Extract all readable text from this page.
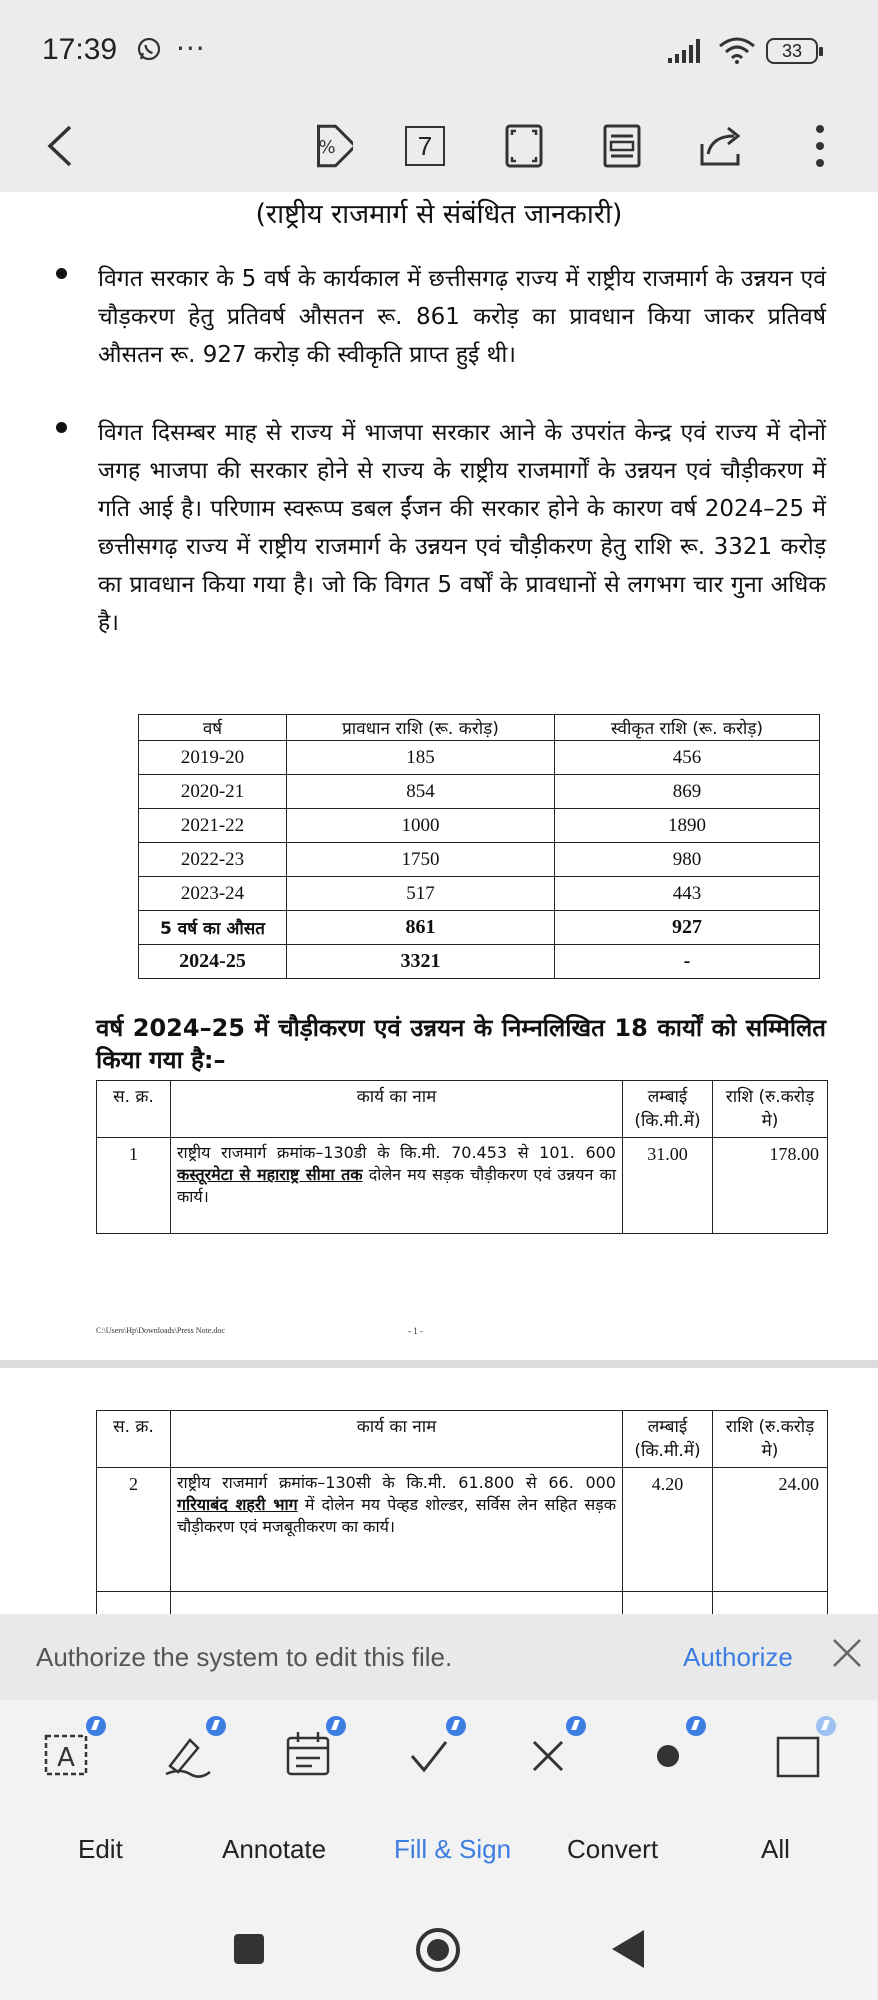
17:39 ···	33
%	7
(राष्ट्रीय राजमार्ग से संबंधित जानकारी)
विगत सरकार के 5 वर्ष के कार्यकाल में छत्तीसगढ़ राज्य में राष्ट्रीय राजमार्ग के उन्नयन एवं चौड़करण हेतु प्रतिवर्ष औसतन रू. 861 करोड़ का प्रावधान किया जाकर प्रतिवर्ष औसतन रू. 927 करोड़ की स्वीकृति प्राप्त हुई थी।
विगत दिसम्बर माह से राज्य में भाजपा सरकार आने के उपरांत केन्द्र एवं राज्य में दोनों जगह भाजपा की सरकार होने से राज्य के राष्ट्रीय राजमार्गों के उन्नयन एवं चौड़ीकरण में गति आई है। परिणाम स्वरूप्प डबल ईंजन की सरकार होने के कारण वर्ष 2024–25 में छत्तीसगढ़ राज्य में राष्ट्रीय राजमार्ग के उन्नयन एवं चौड़ीकरण हेतु राशि रू. 3321 करोड़ का प्रावधान किया गया है। जो कि विगत 5 वर्षों के प्रावधानों से लगभग चार गुना अधिक है।
वर्ष	प्रावधान राशि (रू. करोड़)	स्वीकृत राशि (रू. करोड़)
2019-20	185	456
2020-21	854	869
2021-22	1000	1890
2022-23	1750	980
2023-24	517	443
5 वर्ष का औसत	861	927
2024-25	3321	-
वर्ष 2024–25 में चौड़ीकरण एवं उन्नयन के निम्नलिखित 18 कार्यों को सम्मिलित किया गया है:–
स. क्र.	कार्य का नाम	लम्बाई (कि.मी.में)	राशि (रु.करोड़ मे)
1	राष्ट्रीय राजमार्ग क्रमांक–130डी के कि.मी. 70.453 से 101. 600 कस्तूरमेटा से महाराष्ट्र सीमा तक दोलेन मय सड़क चौड़ीकरण एवं उन्नयन का कार्य।	31.00	178.00
C:\Users\Hp\Downloads\Press Note.doc	- 1 -
स. क्र.	कार्य का नाम	लम्बाई (कि.मी.में)	राशि (रु.करोड़ मे)
2	राष्ट्रीय राजमार्ग क्रमांक–130सी के कि.मी. 61.800 से 66. 000 गरियाबंद शहरी भाग में दोलेन मय पेव्हड शोल्डर, सर्विस लेन सहित सड़क चौड़ीकरण एवं मजबूतीकरण का कार्य।	4.20	24.00

Authorize the system to edit this file.	Authorize
A
Edit	Annotate	Fill & Sign Convert	All
